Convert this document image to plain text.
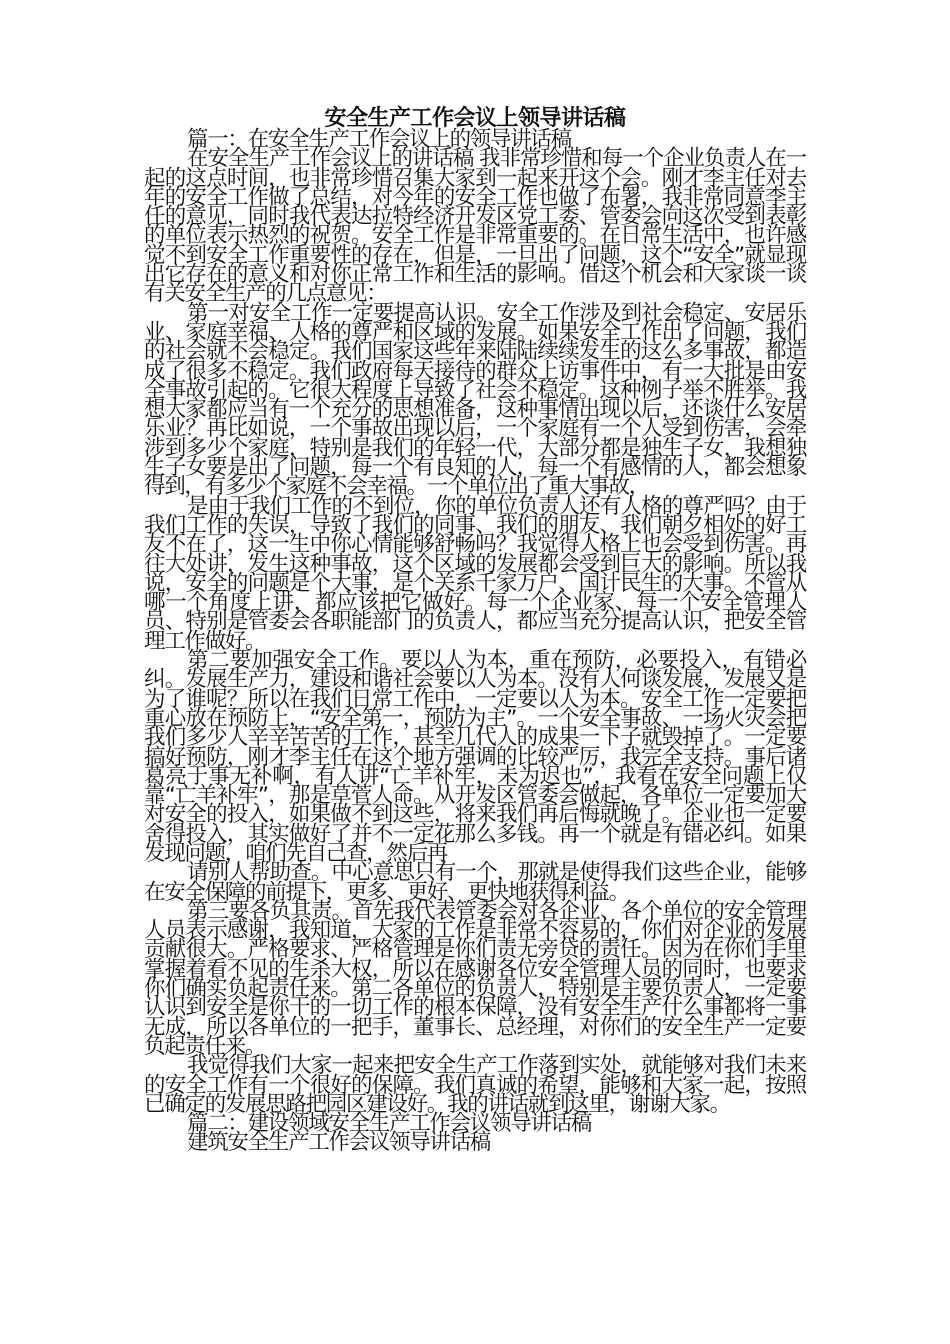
安全生产工作会议上领导讲话稿

篇一：在安全生产工作会议上的领导讲话稿

在安全生产工作会议上的讲话稿 我非常珍惜和每一个企业负责人在一起的这点时间，也非常珍惜召集大家到一起来开这个会。刚才李主任对去年的安全工作做了总结，对今年的安全工作也做了布署，我非常同意李主任的意见，同时我代表达拉特经济开发区党工委、管委会向这次受到表彰的单位表示热烈的祝贺。安全工作是非常重要的。在日常生活中，也许感觉不到安全工作重要性的存在，但是，一旦出了问题，这个“安全”就显现出它存在的意义和对你正常工作和生活的影响。借这个机会和大家谈一谈有关安全生产的几点意见：

第一对安全工作一定要提高认识。安全工作涉及到社会稳定、安居乐业、家庭幸福、人格的尊严和区域的发展。如果安全工作出了问题，我们的社会就不会稳定。我们国家这些年来陆陆续续发生的这么多事故，都造成了很多不稳定。我们政府每天接待的群众上访事件中，有一大批是由安全事故引起的。它很大程度上导致了社会不稳定。这种例子举不胜举。我想大家都应当有一个充分的思想准备，这种事情出现以后，还谈什么安居乐业？再比如说，一个事故出现以后，一个家庭有一个人受到伤害，会牵涉到多少个家庭，特别是我们的年轻一代，大部分都是独生子女，我想独生子女要是出了问题，每一个有良知的人，每一个有感情的人，都会想象得到，有多少个家庭不会幸福。一个单位出了重大事故，

是由于我们工作的不到位，你的单位负责人还有人格的尊严吗？由于我们工作的失误，导致了我们的同事、我们的朋友、我们朝夕相处的好工友不在了，这一生中你心情能够舒畅吗？我觉得人格上也会受到伤害。再往大处讲，发生这种事故，这个区域的发展都会受到巨大的影响。所以我说，安全的问题是个大事，是个关系千家万户、国计民生的大事。不管从哪一个角度上讲，都应该把它做好。每一个企业家、每一个安全管理人员、特别是管委会各职能部门的负责人，都应当充分提高认识，把安全管理工作做好。

第二要加强安全工作。要以人为本，重在预防，必要投入，有错必纠。发展生产力，建设和谐社会要以人为本。没有人何谈发展，发展又是为了谁呢？所以在我们日常工作中，一定要以人为本。安全工作一定要把重心放在预防上，“安全第一，预防为主”。一个安全事故、一场火灾会把我们多少人辛辛苦苦的工作，甚至几代人的成果一下子就毁掉了。一定要搞好预防，刚才李主任在这个地方强调的比较严厉，我完全支持。事后诸葛亮于事无补啊，有人讲“亡羊补牢，未为迟也”，我看在安全问题上仅靠“亡羊补牢”，那是草菅人命。从开发区管委会做起，各单位一定要加大对安全的投入，如果做不到这些，将来我们再后悔就晚了。企业也一定要舍得投入，其实做好了并不一定花那么多钱。再一个就是有错必纠。如果发现问题，咱们先自己查，然后再

请别人帮助查。中心意思只有一个，那就是使得我们这些企业，能够在安全保障的前提下，更多、更好、更快地获得利益。

第三要各负其责。首先我代表管委会对各企业、各个单位的安全管理人员表示感谢，我知道，大家的工作是非常不容易的，你们对企业的发展贡献很大。严格要求、严格管理是你们责无旁贷的责任。因为在你们手里掌握着看不见的生杀大权，所以在感谢各位安全管理人员的同时，也要求你们确实负起责任来。第二各单位的负责人，特别是主要负责人，一定要认识到安全是你干的一切工作的根本保障，没有安全生产什么事都将一事无成，所以各单位的一把手，董事长、总经理，对你们的安全生产一定要负起责任来。

我觉得我们大家一起来把安全生产工作落到实处，就能够对我们未来的安全工作有一个很好的保障。我们真诚的希望，能够和大家一起，按照已确定的发展思路把园区建设好。我的讲话就到这里，谢谢大家。

篇二：建设领域安全生产工作会议领导讲话稿

建筑安全生产工作会议领导讲话稿
